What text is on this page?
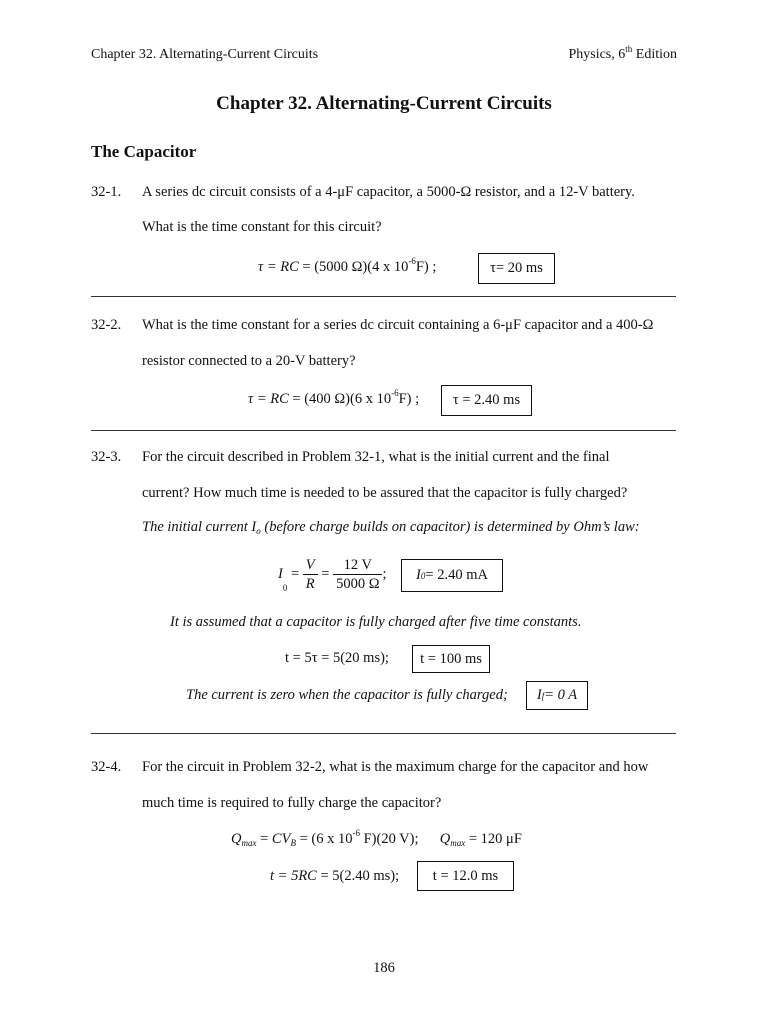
Chapter 32. Alternating-Current Circuits	Physics, 6th Edition
Chapter 32. Alternating-Current Circuits
The Capacitor
32-1. A series dc circuit consists of a 4-μF capacitor, a 5000-Ω resistor, and a 12-V battery.
What is the time constant for this circuit?
τ = RC = (5000 Ω)(4 x $10^{-6}F$) ;	τ= 20 ms
32-2. What is the time constant for a series dc circuit containing a 6-μF capacitor and a 400-Ω
resistor connected to a 20-V battery?
τ = RC = (400 Ω)(6 x $10^{-6}F$) ;	τ = 2.40 ms
32-3. For the circuit described in Problem 32-1, what is the initial current and the final
current? How much time is needed to be assured that the capacitor is fully charged?
The initial current Io (before charge builds on capacitor) is determined by Ohm’s law:
$I0 = \frac{V}{R} = \frac{12 V}{5000 \Omega}$ ; I 0 = 2.40 mA
It is assumed that a capacitor is fully charged after five time constants.
t = 5τ = 5(20 ms);	t = 100 ms
The current is zero when the capacitor is fully charged; I f = 0 A
32-4. For the circuit in Problem 32-2, what is the maximum charge for the capacitor and how
much time is required to fully charge the capacitor?
Qmax = CVB = (6 x $10^{-6}$ F)(20 V); Qmax = 120 μF
t = 5RC = 5(2.40 ms);	t = 12.0 ms
186
